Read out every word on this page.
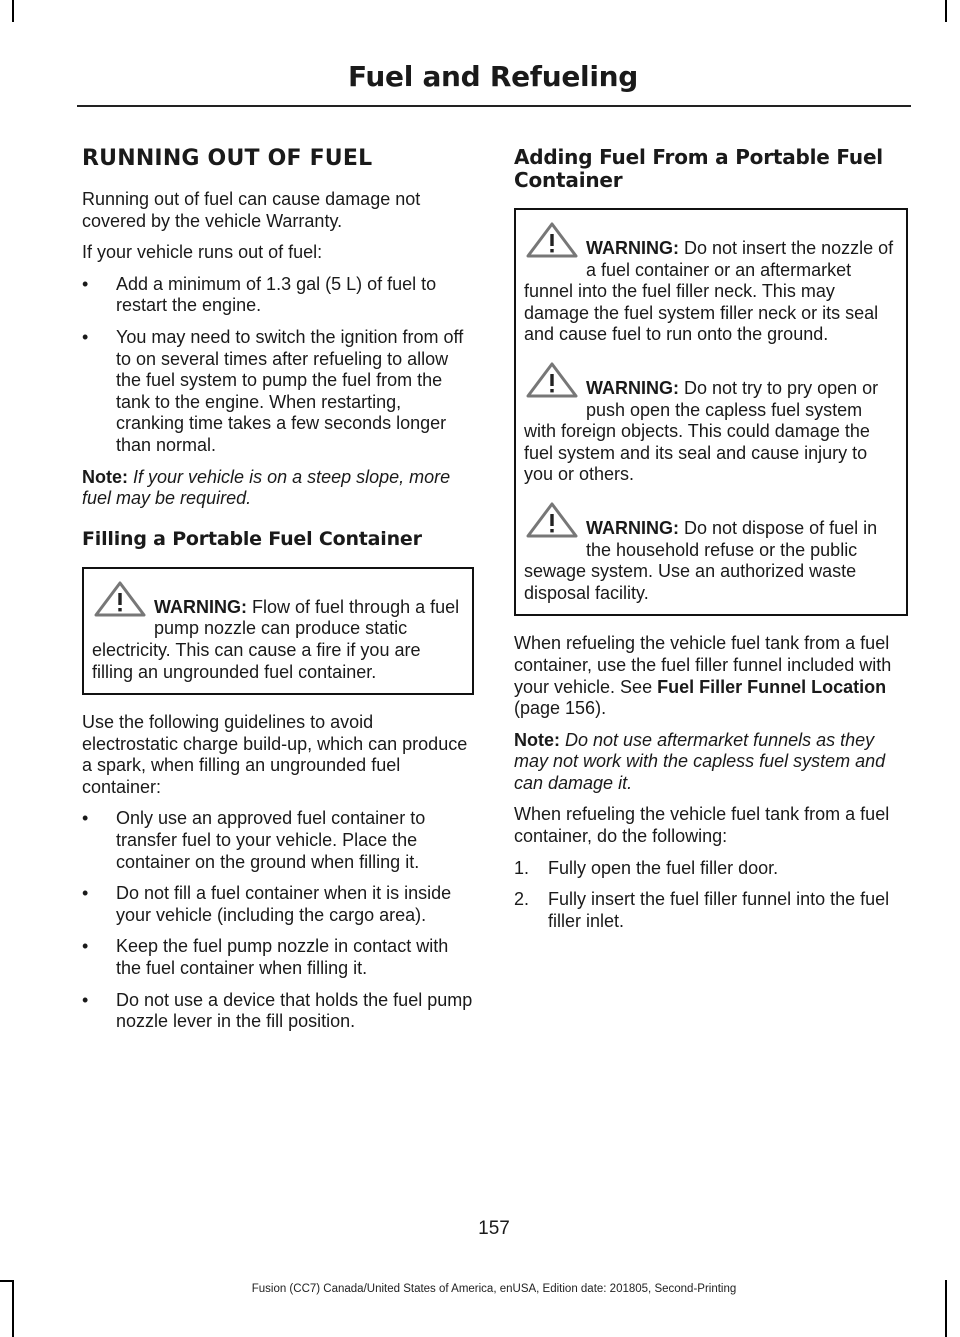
Fuel and Refueling
RUNNING OUT OF FUEL

Running out of fuel can cause damage not covered by the vehicle Warranty.

If your vehicle runs out of fuel:

• Add a minimum of 1.3 gal (5 L) of fuel to restart the engine.
• You may need to switch the ignition from off to on several times after refueling to allow the fuel system to pump the fuel from the tank to the engine. When restarting, cranking time takes a few seconds longer than normal.

Note: If your vehicle is on a steep slope, more fuel may be required.

Filling a Portable Fuel Container
WARNING: Flow of fuel through a fuel pump nozzle can produce static electricity. This can cause a fire if you are filling an ungrounded fuel container.

Use the following guidelines to avoid electrostatic charge build-up, which can produce a spark, when filling an ungrounded fuel container:

• Only use an approved fuel container to transfer fuel to your vehicle. Place the container on the ground when filling it.
• Do not fill a fuel container when it is inside your vehicle (including the cargo area).
• Keep the fuel pump nozzle in contact with the fuel container when filling it.
• Do not use a device that holds the fuel pump nozzle lever in the fill position.
Adding Fuel From a Portable Fuel Container
WARNING: Do not insert the nozzle of a fuel container or an aftermarket funnel into the fuel filler neck. This may damage the fuel system filler neck or its seal and cause fuel to run onto the ground.
WARNING: Do not try to pry open or push open the capless fuel system with foreign objects. This could damage the fuel system and its seal and cause injury to you or others.
WARNING: Do not dispose of fuel in the household refuse or the public sewage system. Use an authorized waste disposal facility.

When refueling the vehicle fuel tank from a fuel container, use the fuel filler funnel included with your vehicle. See Fuel Filler Funnel Location (page 156).

Note: Do not use aftermarket funnels as they may not work with the capless fuel system and can damage it.

When refueling the vehicle fuel tank from a fuel container, do the following:

1. Fully open the fuel filler door.
2. Fully insert the fuel filler funnel into the fuel filler inlet.
157
Fusion (CC7) Canada/United States of America, enUSA, Edition date: 201805, Second-Printing
